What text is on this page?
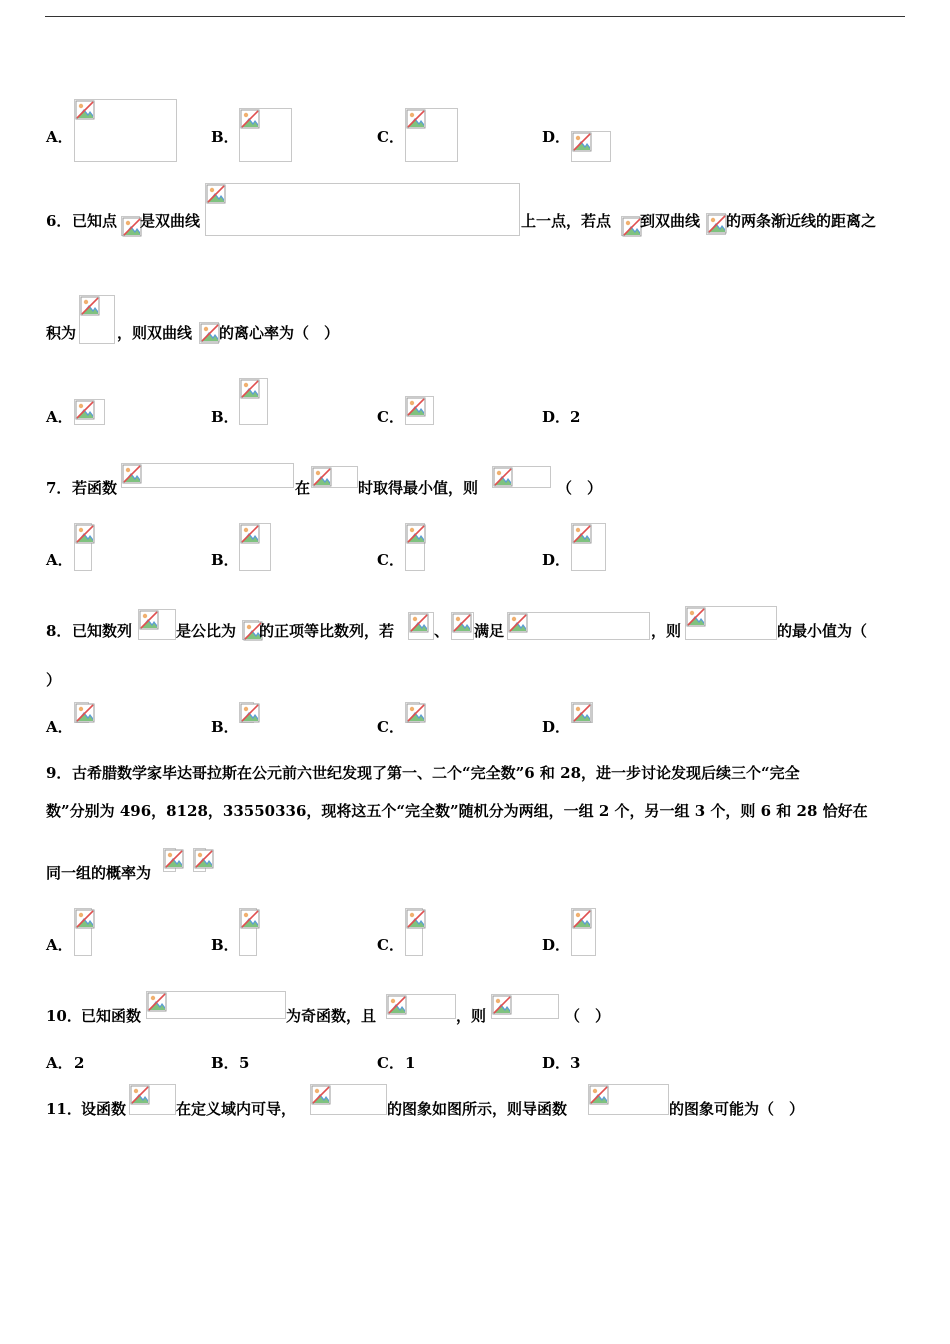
A．	B．	C．	D．
6． 已知点 是双曲线	上一点，若点 到双曲线 的两条渐近线的距离之
积为	，则双曲线 的离心率为（　）
A．	B．	C．	D． 2
7． 若函数	在	时取得最小值，则	（　）
A．	B．	C．	D．
8． 已知数列	是公比为 的正项等比数列，若	、 满足	，则	的最小值为（
）
A．	B．	C．	D．
9． 古希腊数学家毕达哥拉斯在公元前六世纪发现了第一、二个“完全数”6 和 28，进一步讨论发现后续三个“完全
数”分别为 496，8128，33550336，现将这五个“完全数”随机分为两组，一组 2 个，另一组 3 个，则 6 和 28 恰好在
同一组的概率为
A．	B．	C．	D．
10． 已知函数	为奇函数，且	，则	（　）
A． 2	B． 5	C． 1	D． 3
11． 设函数	在定义域内可导，	的图象如图所示，则导函数	的图象可能为（　）
